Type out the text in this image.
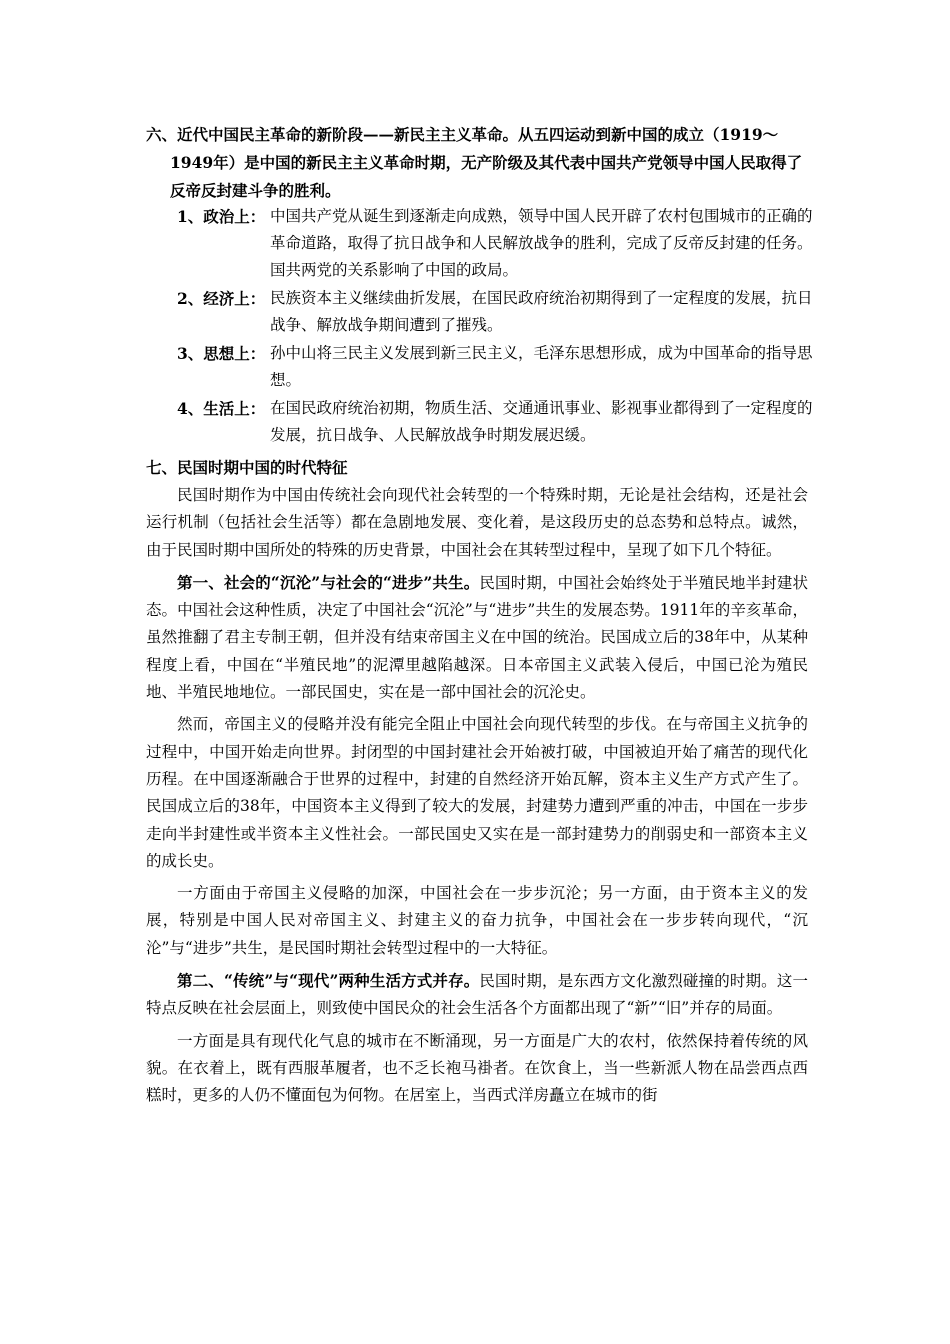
六、近代中国民主革命的新阶段——新民主主义革命。从五四运动到新中国的成立（1919～1949年）是中国的新民主主义革命时期，无产阶级及其代表中国共产党领导中国人民取得了反帝反封建斗争的胜利。
1、政治上： 中国共产党从诞生到逐渐走向成熟，领导中国人民开辟了农村包围城市的正确的革命道路，取得了抗日战争和人民解放战争的胜利，完成了反帝反封建的任务。国共两党的关系影响了中国的政局。
2、经济上： 民族资本主义继续曲折发展，在国民政府统治初期得到了一定程度的发展，抗日战争、解放战争期间遭到了摧残。
3、思想上： 孙中山将三民主义发展到新三民主义，毛泽东思想形成，成为中国革命的指导思想。
4、生活上： 在国民政府统治初期，物质生活、交通通讯事业、影视事业都得到了一定程度的发展，抗日战争、人民解放战争时期发展迟缓。
七、民国时期中国的时代特征

民国时期作为中国由传统社会向现代社会转型的一个特殊时期，无论是社会结构，还是社会运行机制（包括社会生活等）都在急剧地发展、变化着，是这段历史的总态势和总特点。诚然，由于民国时期中国所处的特殊的历史背景，中国社会在其转型过程中，呈现了如下几个特征。

第一、社会的“沉沦”与社会的“进步”共生。民国时期，中国社会始终处于半殖民地半封建状态。中国社会这种性质，决定了中国社会“沉沦”与“进步”共生的发展态势。1911年的辛亥革命，虽然推翻了君主专制王朝，但并没有结束帝国主义在中国的统治。民国成立后的38年中，从某种程度上看，中国在“半殖民地”的泥潭里越陷越深。日本帝国主义武装入侵后，中国已沦为殖民地、半殖民地地位。一部民国史，实在是一部中国社会的沉沦史。

然而，帝国主义的侵略并没有能完全阻止中国社会向现代转型的步伐。在与帝国主义抗争的过程中，中国开始走向世界。封闭型的中国封建社会开始被打破，中国被迫开始了痛苦的现代化历程。在中国逐渐融合于世界的过程中，封建的自然经济开始瓦解，资本主义生产方式产生了。民国成立后的38年，中国资本主义得到了较大的发展，封建势力遭到严重的冲击，中国在一步步走向半封建性或半资本主义性社会。一部民国史又实在是一部封建势力的削弱史和一部资本主义的成长史。

一方面由于帝国主义侵略的加深，中国社会在一步步沉沦；另一方面，由于资本主义的发展，特别是中国人民对帝国主义、封建主义的奋力抗争，中国社会在一步步转向现代，“沉沦”与“进步”共生，是民国时期社会转型过程中的一大特征。

第二、“传统”与“现代”两种生活方式并存。民国时期，是东西方文化激烈碰撞的时期。这一特点反映在社会层面上，则致使中国民众的社会生活各个方面都出现了“新”“旧”并存的局面。

一方面是具有现代化气息的城市在不断涌现，另一方面是广大的农村，依然保持着传统的风貌。在衣着上，既有西服革履者，也不乏长袍马褂者。在饮食上，当一些新派人物在品尝西点西糕时，更多的人仍不懂面包为何物。在居室上，当西式洋房矗立在城市的街
